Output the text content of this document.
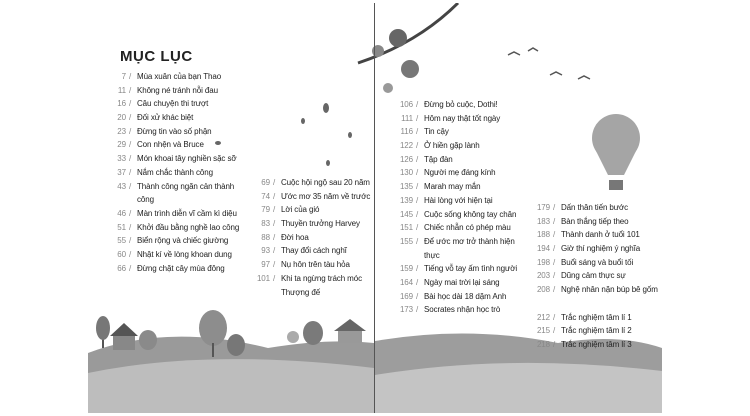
MỤC LỤC
7 / Mùa xuân của bạn Thao
11 / Không né tránh nỗi đau
16 / Câu chuyện thi trượt
20 / Đối xử khác biệt
23 / Đừng tin vào số phận
29 / Con nhện và Bruce
33 / Món khoai tây nghiền sặc sỡ
37 / Nắm chắc thành công
43 / Thành công ngăn cản thành công
46 / Màn trình diễn vĩ cầm kì diệu
51 / Khởi đầu bằng nghề lao công
55 / Biển rộng và chiếc giường
60 / Nhật kí về lòng khoan dung
66 / Đừng chặt cây mùa đông
69 / Cuộc hội ngộ sau 20 năm
74 / Ước mơ 35 năm về trước
79 / Lời của gió
83 / Thuyền trưởng Harvey
88 / Đời hoa
93 / Thay đổi cách nghĩ
97 / Nụ hôn trên tàu hỏa
101 / Khi ta ngừng trách móc Thượng đế
106 / Đừng bỏ cuộc, Dothi!
111 / Hôm nay thật tốt ngày
116 / Tin cậy
122 / Ở hiền gặp lành
126 / Tập đàn
130 / Người mẹ đáng kính
135 / Marah may mắn
139 / Hài lòng với hiện tại
145 / Cuộc sống không tay chân
151 / Chiếc nhẫn có phép màu
155 / Để ước mơ trở thành hiện thực
159 / Tiếng vỗ tay ấm tình người
164 / Ngày mai trời lại sáng
169 / Bài học dài 18 dặm Anh
173 / Socrates nhận học trò
179 / Dấn thân tiến bước
183 / Bàn thắng tiếp theo
188 / Thành danh ở tuổi 101
194 / Giờ thí nghiệm ý nghĩa
198 / Buổi sáng và buổi tối
203 / Dũng cảm thực sự
208 / Nghệ nhân nặn búp bê gốm
212 / Trắc nghiệm tâm lí 1
215 / Trắc nghiệm tâm lí 2
218 / Trắc nghiệm tâm lí 3
